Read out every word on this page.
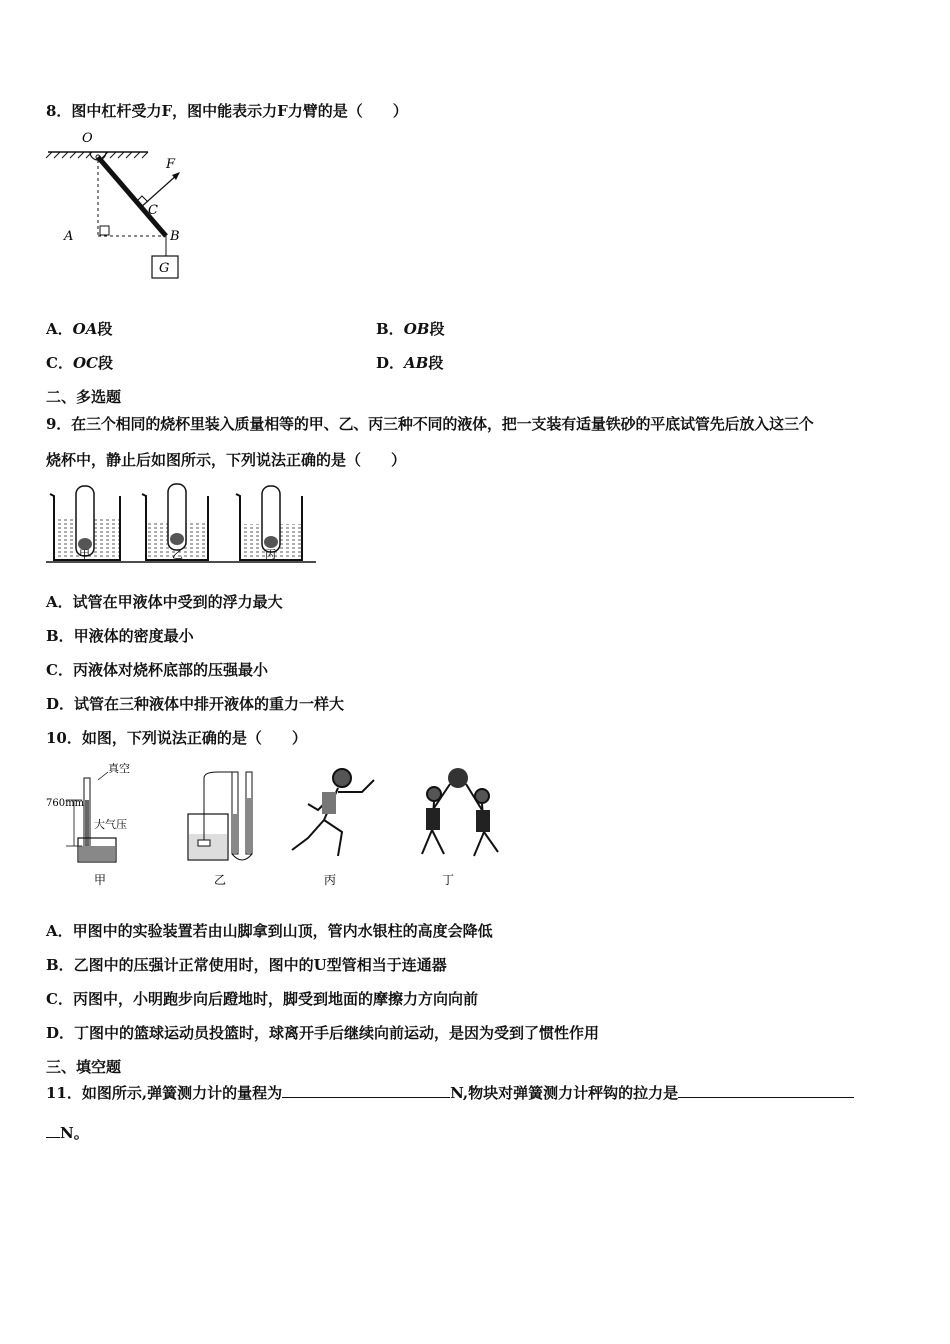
8．图中杠杆受力F，图中能表示力F力臂的是（　　）
O
A	B
F
C
G
A．OA段	B．OB段
C．OC段	D．AB段
二、多选题
9．在三个相同的烧杯里装入质量相等的甲、乙、丙三种不同的液体，把一支装有适量铁砂的平底试管先后放入这三个
烧杯中，静止后如图所示，下列说法正确的是（　　）
甲	乙	丙
A．试管在甲液体中受到的浮力最大
B．甲液体的密度最小
C．丙液体对烧杯底部的压强最小
D．试管在三种液体中排开液体的重力一样大
10．如图，下列说法正确的是（　　）
真空
760mm
大气压
甲	乙	丙	丁
A．甲图中的实验装置若由山脚拿到山顶，管内水银柱的高度会降低
B．乙图中的压强计正常使用时，图中的U型管相当于连通器
C．丙图中，小明跑步向后蹬地时，脚受到地面的摩擦力方向向前
D．丁图中的篮球运动员投篮时，球离开手后继续向前运动，是因为受到了惯性作用
三、填空题
11．如图所示,弹簧测力计的量程为	N,物块对弹簧测力计秤钩的拉力是
N。
